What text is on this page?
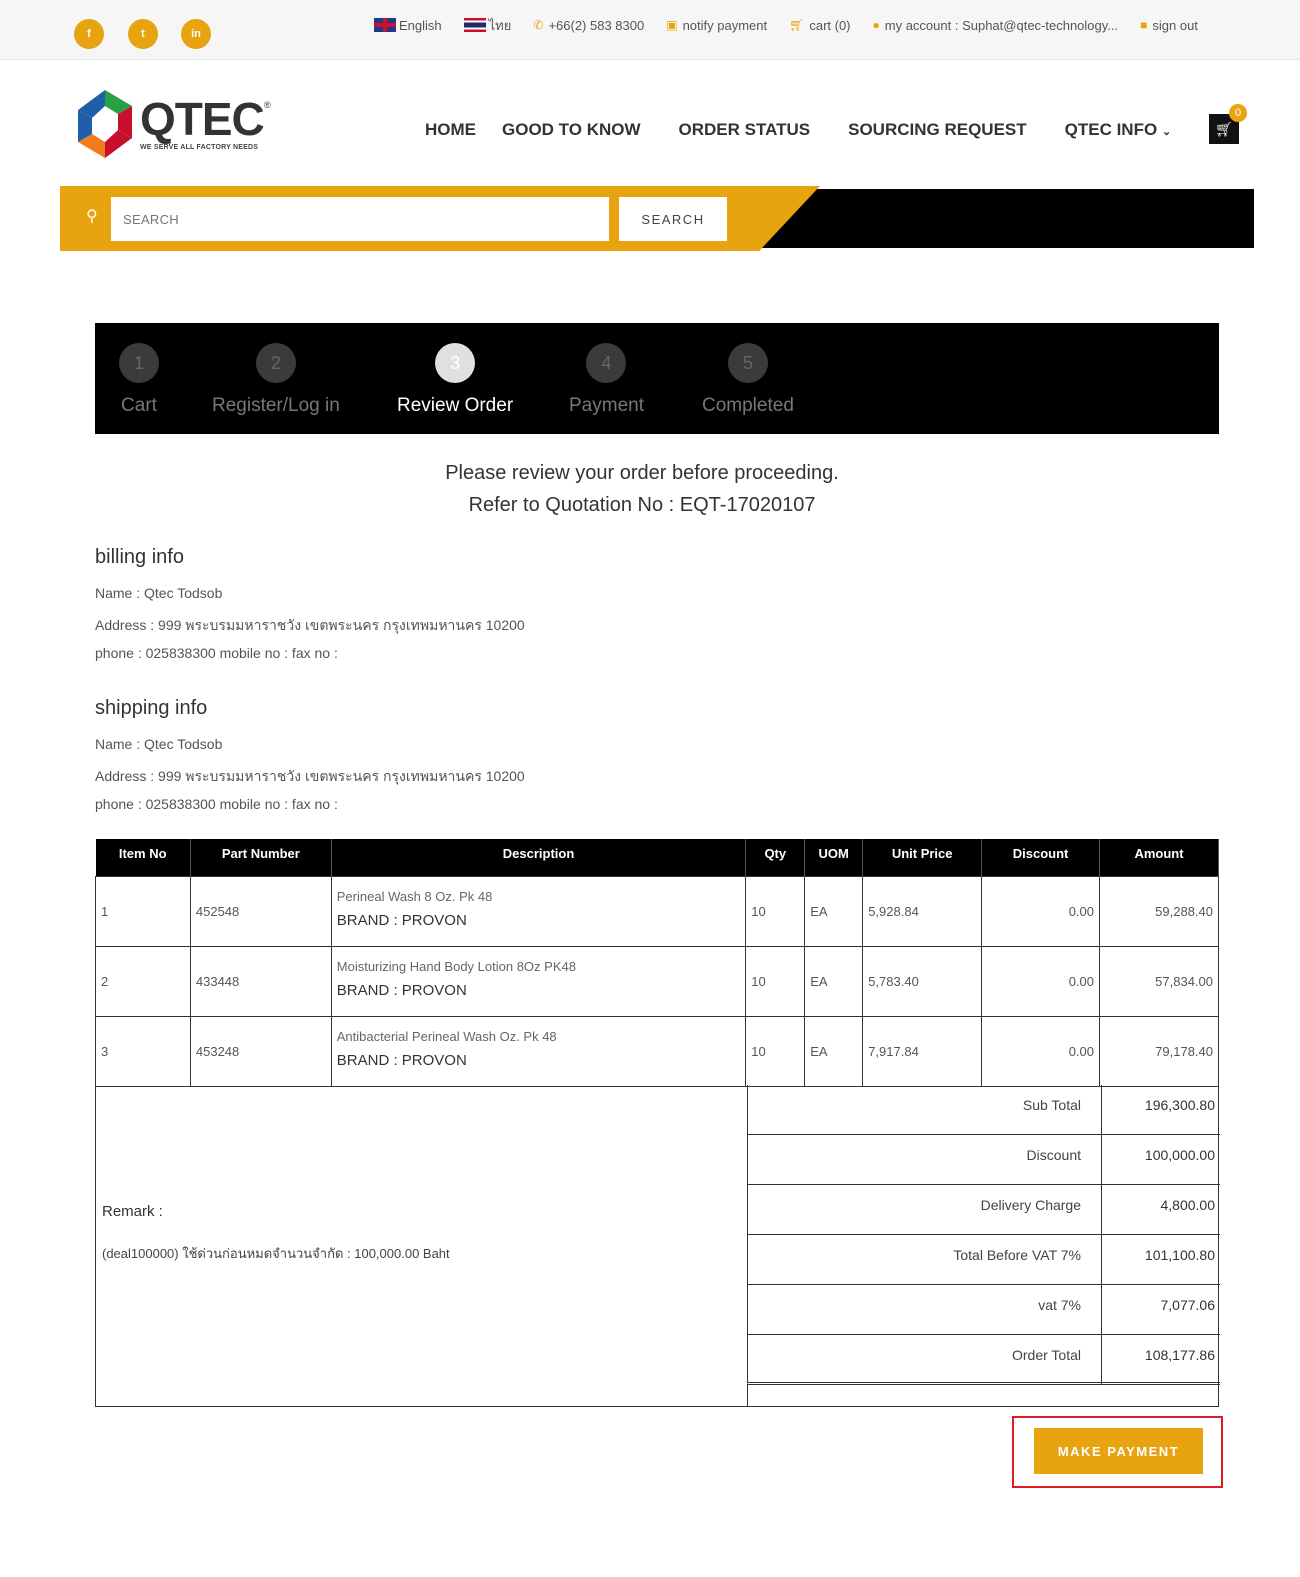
f	t	in
English	ไทย ✆ +66(2) 583 8300 ▣ notify payment 🛒︎ cart (0) ● my account : Suphat@qtec-technology... ■ sign out
QTEC ®
WE SERVE ALL FACTORY NEEDS
HOME GOOD TO KNOW ORDER STATUS SOURCING REQUEST QTEC INFO ⌄	🛒︎
0
⚲
SEARCH	SEARCH
1
Cart
2
Register/Log in
3
Review Order
4
Payment
5
Completed
Please review your order before proceeding.
Refer to Quotation No : EQT-17020107
billing info
Name : Qtec Todsob
Address : 999 พระบรมมหาราชวัง เขตพระนคร กรุงเทพมหานคร 10200
phone : 025838300 mobile no : fax no :
shipping info
Name : Qtec Todsob
Address : 999 พระบรมมหาราชวัง เขตพระนคร กรุงเทพมหานคร 10200
phone : 025838300 mobile no : fax no :
Item No	Part Number	Description	Qty	UOM	Unit Price	Discount	Amount
1	452548	Perineal Wash 8 Oz. Pk 48
BRAND : PROVON	10	EA	5,928.84	0.00	59,288.40
2	433448	Moisturizing Hand Body Lotion 8Oz PK48
BRAND : PROVON	10	EA	5,783.40	0.00	57,834.00
3	453248	Antibacterial Perineal Wash Oz. Pk 48
BRAND : PROVON	10	EA	7,917.84	0.00	79,178.40
Remark :
(deal100000) ใช้ด่วนก่อนหมดจำนวนจำกัด : 100,000.00 Baht
Sub Total	196,300.80
Discount	100,000.00
Delivery Charge	4,800.00
Total Before VAT 7%	101,100.80
vat 7%	7,077.06
Order Total	108,177.86
MAKE PAYMENT
